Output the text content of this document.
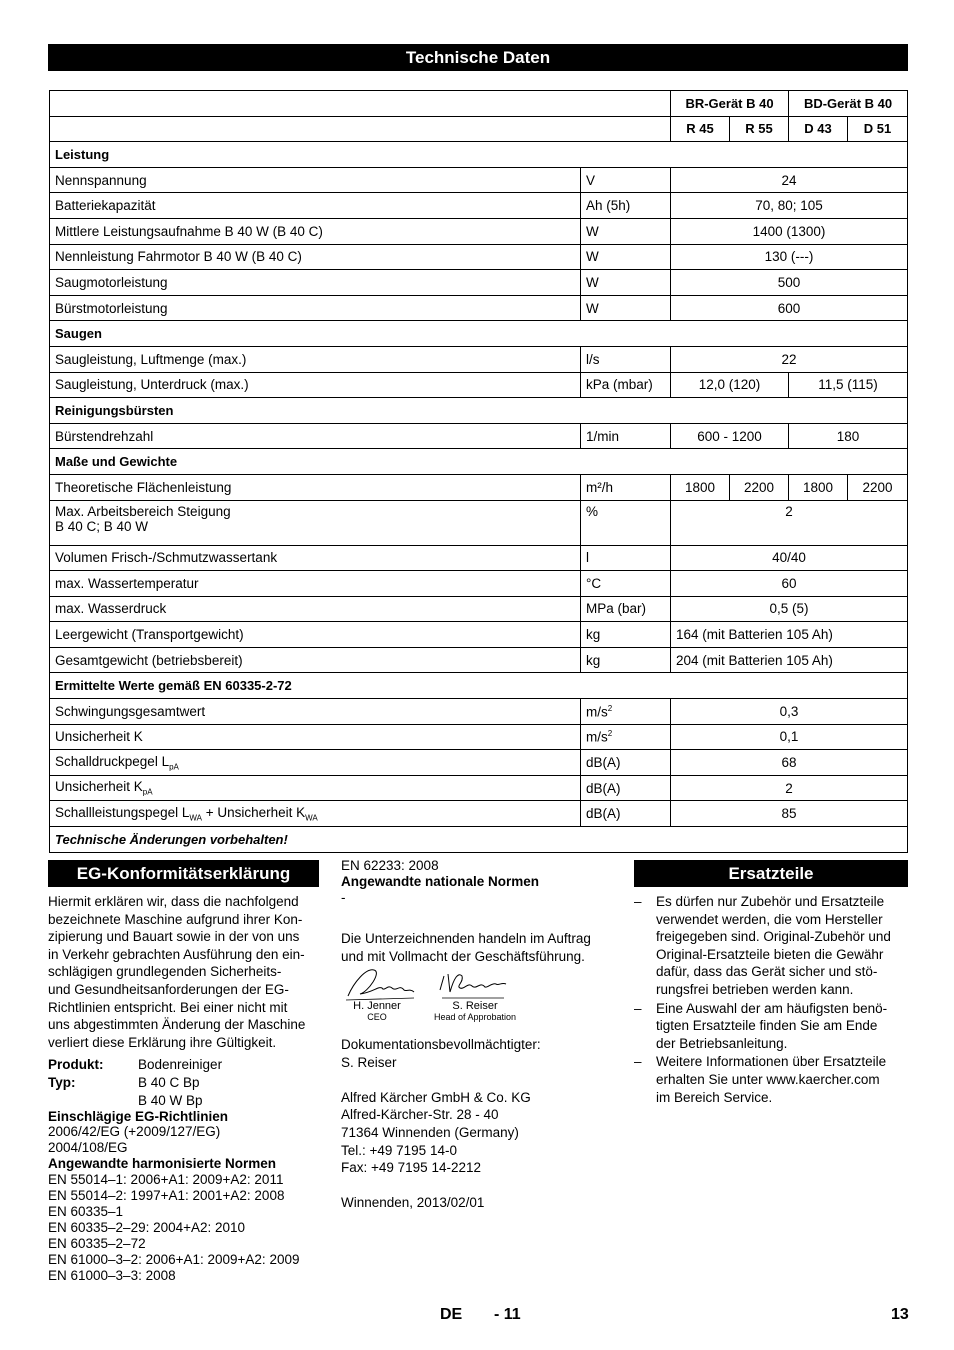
Technische Daten
		BR-Gerät B 40		BD-Gerät B 40	
		R 45	R 55	D 43	D 51
Leistung					
Nennspannung	V	24			
Batteriekapazität	Ah (5h)	70, 80; 105			
Mittlere Leistungsaufnahme B 40 W (B 40 C)	W	1400 (1300)			
Nennleistung Fahrmotor B 40 W (B 40 C)	W	130 (---)			
Saugmotorleistung	W	500			
Bürstmotorleistung	W	600			
Saugen					
Saugleistung, Luftmenge (max.)	l/s	22			
Saugleistung, Unterdruck (max.)	kPa (mbar)	12,0 (120)		11,5 (115)	
Reinigungsbürsten					
Bürstendrehzahl	1/min	600 - 1200		180	
Maße und Gewichte					
Theoretische Flächenleistung	m²/h	1800	2200	1800	2200
Max. Arbeitsbereich Steigung
B 40 C; B 40 W	%	2			
Volumen Frisch-/Schmutzwassertank	l	40/40			
max. Wassertemperatur	°C	60			
max. Wasserdruck	MPa (bar)	0,5 (5)			
Leergewicht (Transportgewicht)	kg	164 (mit Batterien 105 Ah)			
Gesamtgewicht (betriebsbereit)	kg	204 (mit Batterien 105 Ah)			
Ermittelte Werte gemäß EN 60335-2-72					
Schwingungsgesamtwert	$m/s^2$	0,3			
Unsicherheit K	$m/s^2$	0,1			
Schalldruckpegel $L_{pA}$	dB(A)	68			
Unsicherheit $K_{pA}$	dB(A)	2			
Schallleistungspegel $L_{WA}$ + Unsicherheit $K_{WA}$	dB(A)	85			
Technische Änderungen vorbehalten!					
EG-Konformitätserklärung

Hiermit erklären wir, dass die nachfolgend
bezeichnete Maschine aufgrund ihrer Kon-
zipierung und Bauart sowie in der von uns
in Verkehr gebrachten Ausführung den ein-
schlägigen grundlegenden Sicherheits-
und Gesundheitsanforderungen der EG-
Richtlinien entspricht. Bei einer nicht mit
uns abgestimmten Änderung der Maschine
verliert diese Erklärung ihre Gültigkeit.

Produkt:	Bodenreiniger
Typ:	B 40 C Bp
B 40 W Bp

Einschlägige EG-Richtlinien

2006/42/EG (+2009/127/EG)
2004/108/EG

Angewandte harmonisierte Normen

EN 55014–1: 2006+A1: 2009+A2: 2011
EN 55014–2: 1997+A1: 2001+A2: 2008
EN 60335–1
EN 60335–2–29: 2004+A2: 2010
EN 60335–2–72
EN 61000–3–2: 2006+A1: 2009+A2: 2009
EN 61000–3–3: 2008

EN 62233: 2008

Angewandte nationale Normen

-

Die Unterzeichnenden handeln im Auftrag
und mit Vollmacht der Geschäftsführung.

H. Jenner
CEO
S. Reiser
Head of Approbation

Dokumentationsbevollmächtigter:
S. Reiser

Alfred Kärcher GmbH & Co. KG
Alfred-Kärcher-Str. 28 - 40
71364 Winnenden (Germany)
Tel.: +49 7195 14-0
Fax: +49 7195 14-2212

Winnenden, 2013/02/01

Ersatzteile
– Es dürfen nur Zubehör und Ersatzteile
verwendet werden, die vom Hersteller
freigegeben sind. Original-Zubehör und
Original-Ersatzteile bieten die Gewähr
dafür, dass das Gerät sicher und stö-
rungsfrei betrieben werden kann.
– Eine Auswahl der am häufigsten benö-
tigten Ersatzteile finden Sie am Ende
der Betriebsanleitung.
– Weitere Informationen über Ersatzteile
erhalten Sie unter www.kaercher.com
im Bereich Service.
DE - 11	13
